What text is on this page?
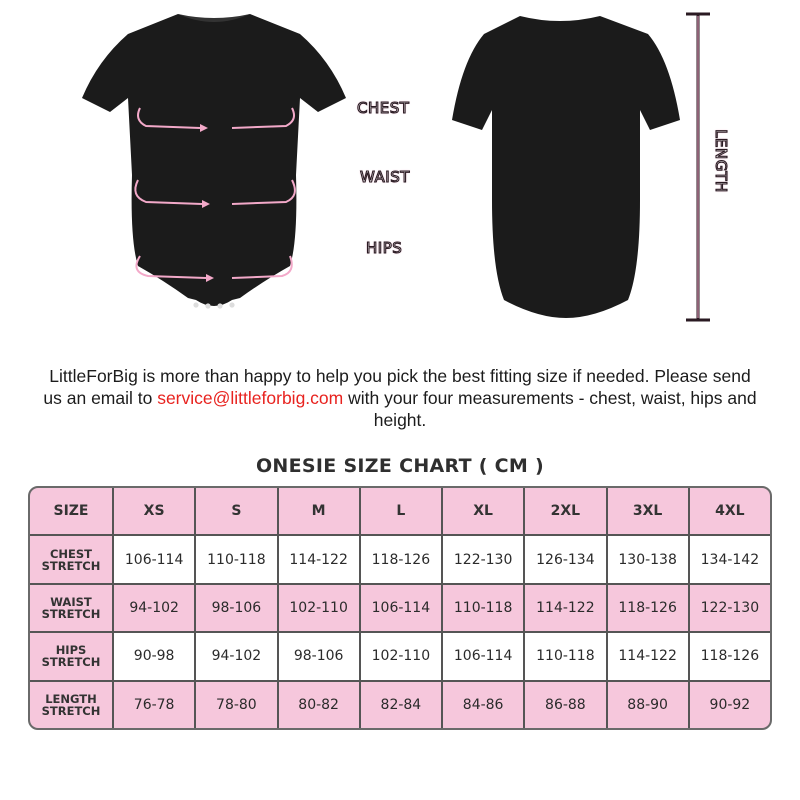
CHEST
WAIST
HIPS
LENGTH
LittleForBig is more than happy to help you pick the best fitting size if needed. Please send us an email to service@littleforbig.com with your four measurements - chest, waist, hips and height.
ONESIE SIZE CHART ( CM )
SIZE	XS	S	M	L	XL	2XL	3XL	4XL
CHEST
STRETCH	106-114	110-118	114-122	118-126	122-130	126-134	130-138	134-142
WAIST
STRETCH	94-102	98-106	102-110	106-114	110-118	114-122	118-126	122-130
HIPS
STRETCH	90-98	94-102	98-106	102-110	106-114	110-118	114-122	118-126
LENGTH
STRETCH	76-78	78-80	80-82	82-84	84-86	86-88	88-90	90-92
